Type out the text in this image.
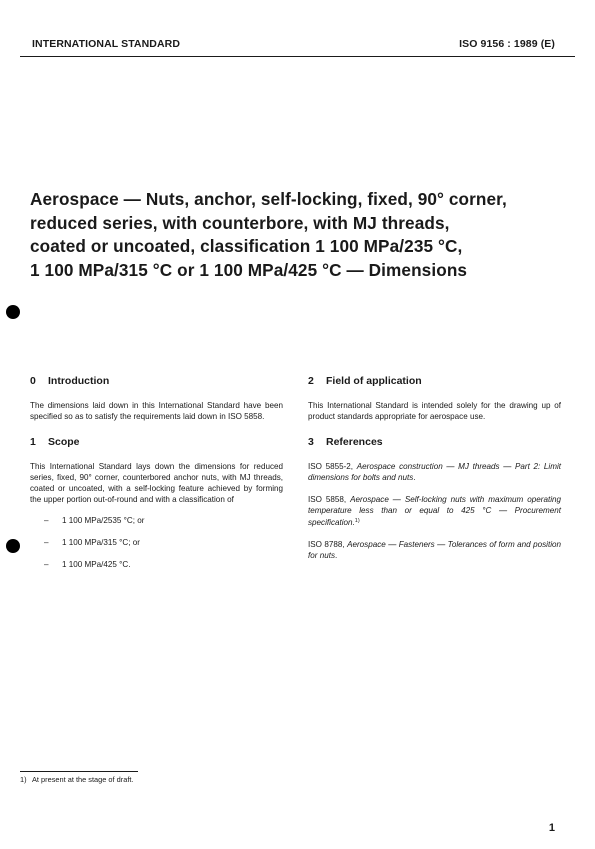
INTERNATIONAL STANDARD	ISO 9156 : 1989 (E)
Aerospace — Nuts, anchor, self-locking, fixed, 90° corner,
reduced series, with counterbore, with MJ threads,
coated or uncoated, classification 1 100 MPa/235 °C,
1 100 MPa/315 °C or 1 100 MPa/425 °C — Dimensions
0 Introduction

The dimensions laid down in this International Standard have been specified so as to satisfy the requirements laid down in ISO 5858.

1 Scope

This International Standard lays down the dimensions for reduced series, fixed, 90° corner, counterbored anchor nuts, with MJ threads, coated or uncoated, with a self-locking feature achieved by forming the upper portion out-of-round and with a classification of

– 1 100 MPa/2535 °C; or
– 1 100 MPa/315 °C; or
– 1 100 MPa/425 °C.
2 Field of application

This International Standard is intended solely for the drawing up of product standards appropriate for aerospace use.

3 References

ISO 5855-2, Aerospace construction — MJ threads — Part 2: Limit dimensions for bolts and nuts.

ISO 5858, Aerospace — Self-locking nuts with maximum operating temperature less than or equal to 425 °C — Procurement specification.$^{1)}$

ISO 8788, Aerospace — Fasteners — Tolerances of form and position for nuts.

1) At present at the stage of draft.
1
